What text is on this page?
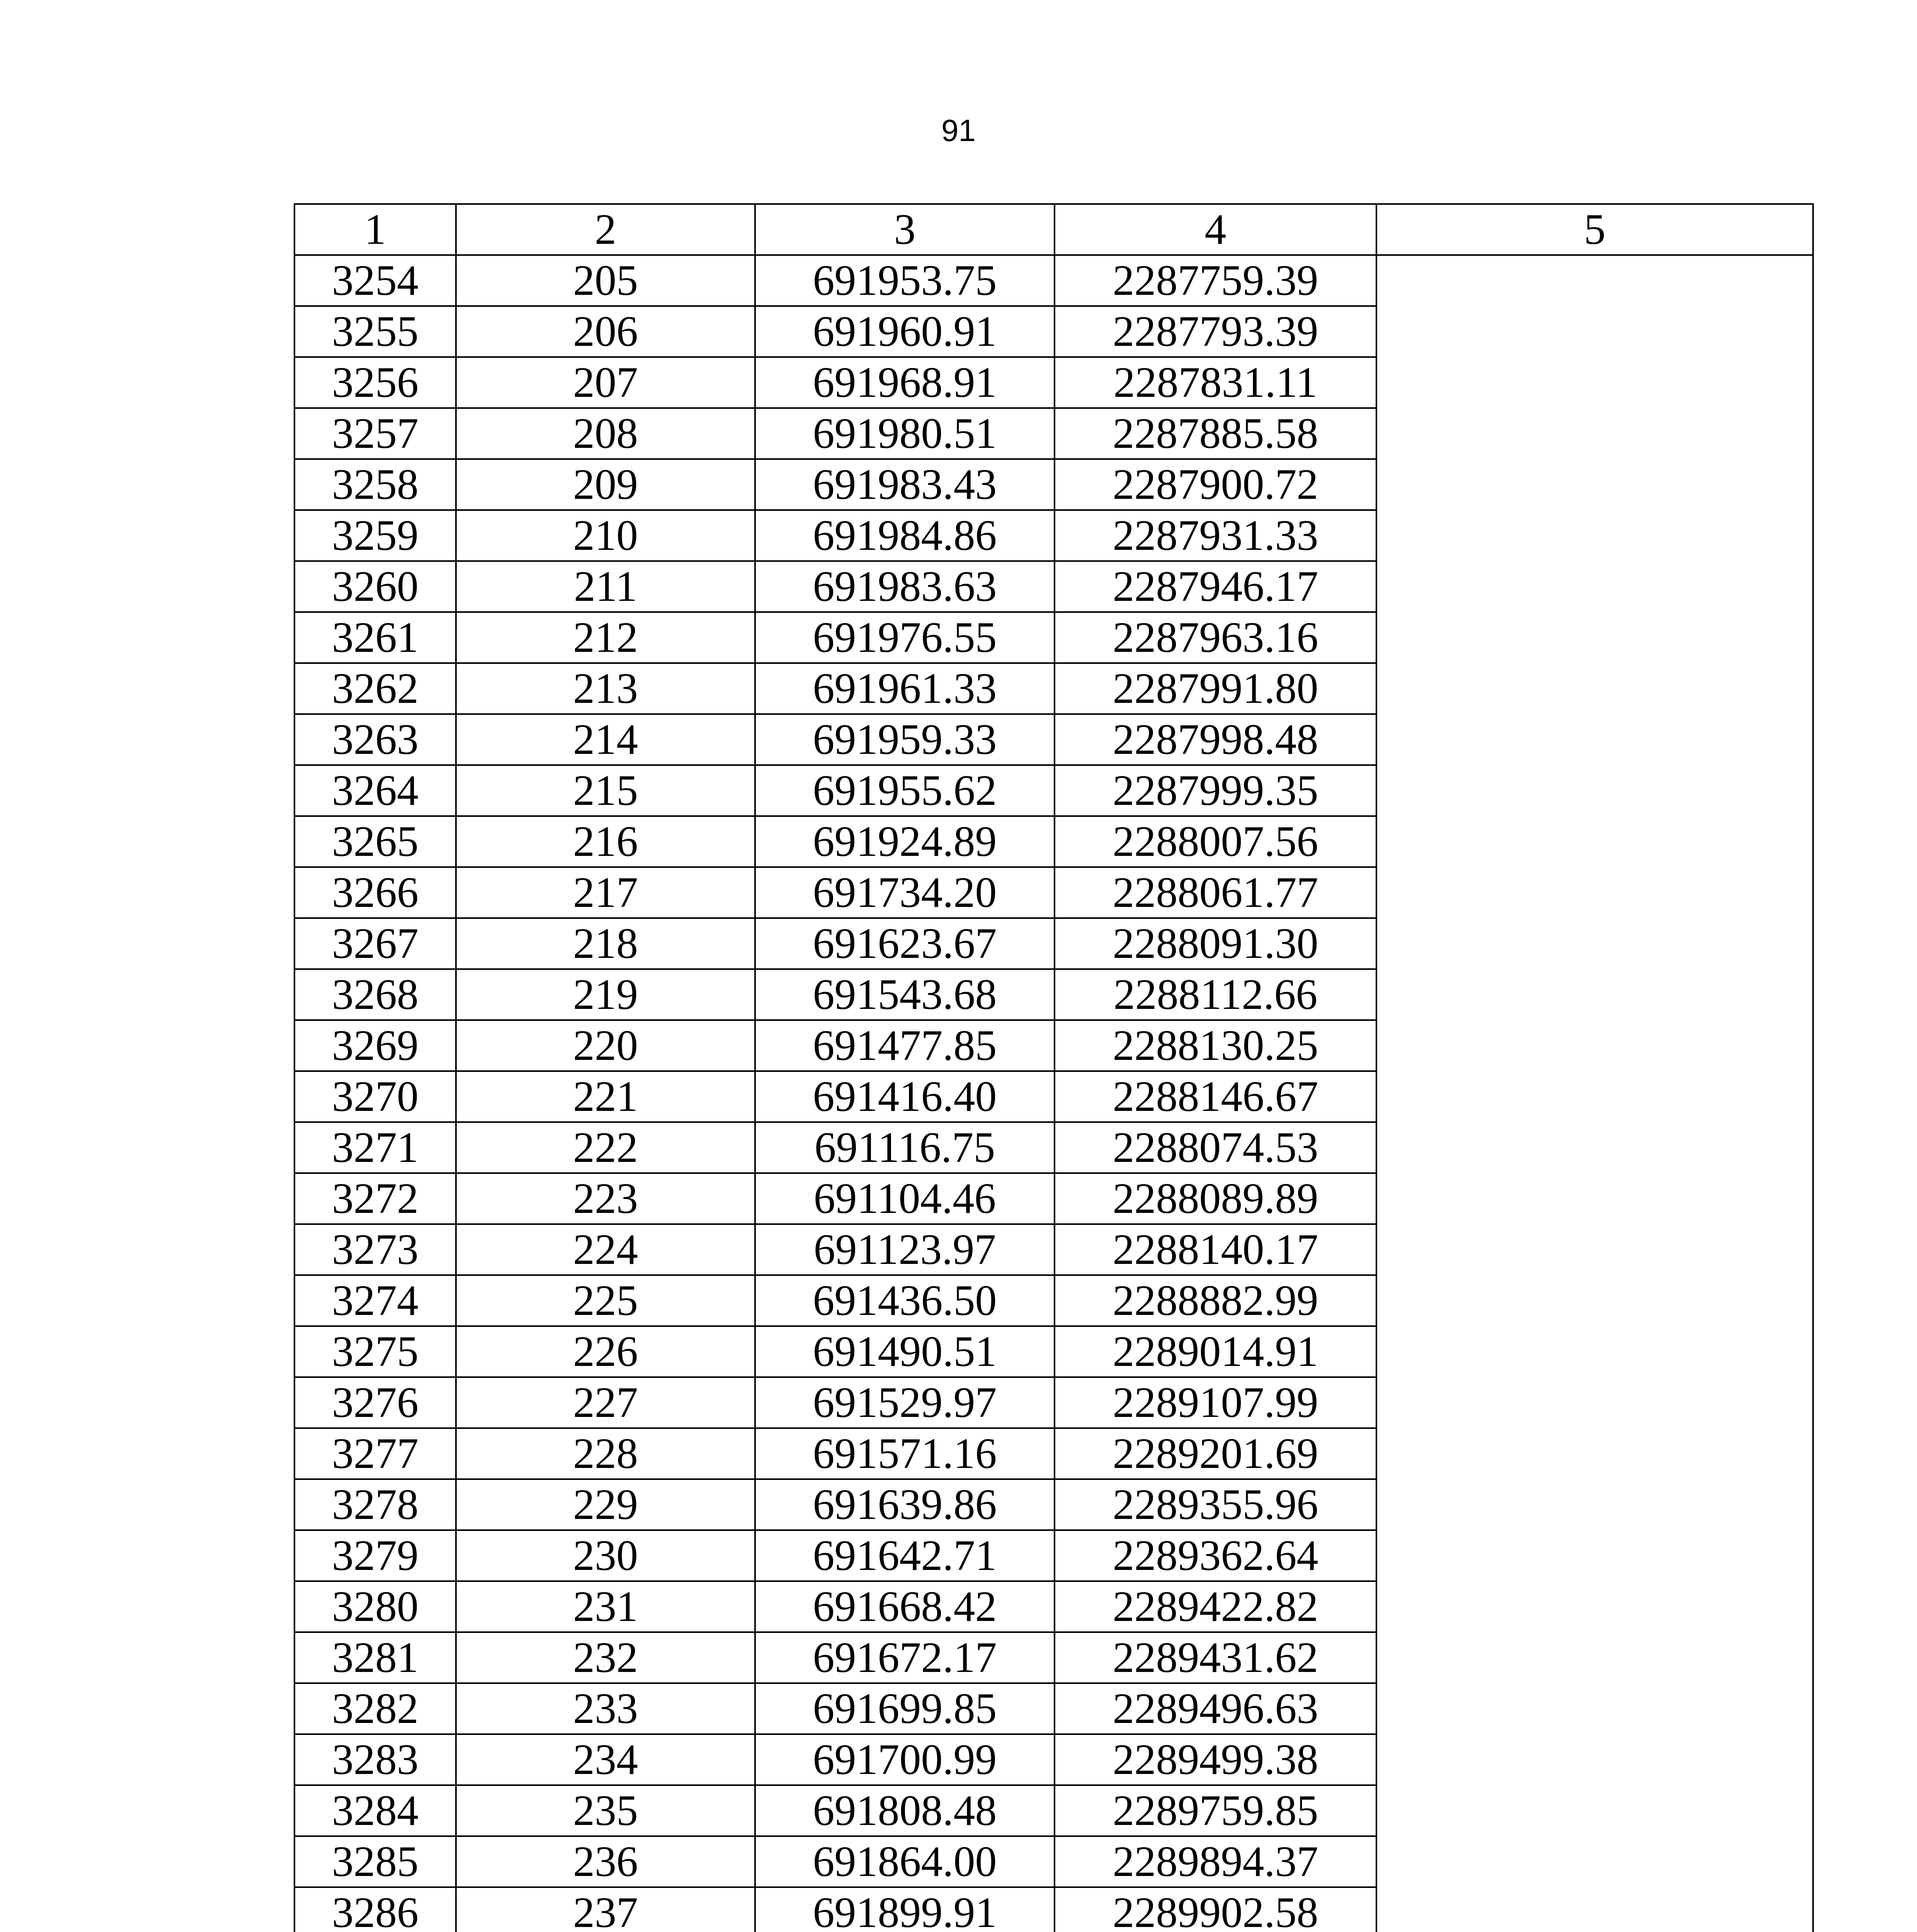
91
1	2	3	4	5
3254	205	691953.75	2287759.39	
3255	206	691960.91	2287793.39	
3256	207	691968.91	2287831.11	
3257	208	691980.51	2287885.58	
3258	209	691983.43	2287900.72	
3259	210	691984.86	2287931.33	
3260	211	691983.63	2287946.17	
3261	212	691976.55	2287963.16	
3262	213	691961.33	2287991.80	
3263	214	691959.33	2287998.48	
3264	215	691955.62	2287999.35	
3265	216	691924.89	2288007.56	
3266	217	691734.20	2288061.77	
3267	218	691623.67	2288091.30	
3268	219	691543.68	2288112.66	
3269	220	691477.85	2288130.25	
3270	221	691416.40	2288146.67	
3271	222	691116.75	2288074.53	
3272	223	691104.46	2288089.89	
3273	224	691123.97	2288140.17	
3274	225	691436.50	2288882.99	
3275	226	691490.51	2289014.91	
3276	227	691529.97	2289107.99	
3277	228	691571.16	2289201.69	
3278	229	691639.86	2289355.96	
3279	230	691642.71	2289362.64	
3280	231	691668.42	2289422.82	
3281	232	691672.17	2289431.62	
3282	233	691699.85	2289496.63	
3283	234	691700.99	2289499.38	
3284	235	691808.48	2289759.85	
3285	236	691864.00	2289894.37	
3286	237	691899.91	2289902.58	
